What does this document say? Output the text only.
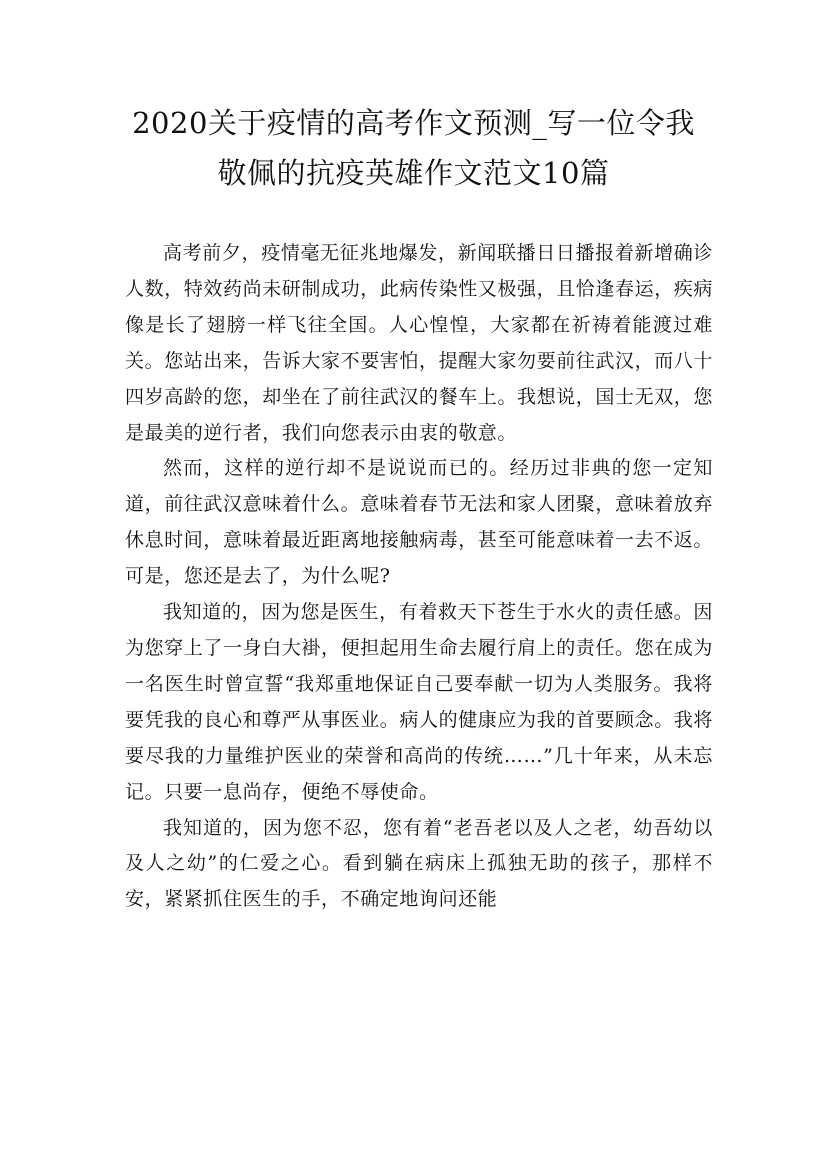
2020关于疫情的高考作文预测_写一位令我
敬佩的抗疫英雄作文范文10篇

高考前夕，疫情毫无征兆地爆发，新闻联播日日播报着新增确诊人数，特效药尚未研制成功，此病传染性又极强，且恰逢春运，疾病像是长了翅膀一样飞往全国。人心惶惶，大家都在祈祷着能渡过难关。您站出来，告诉大家不要害怕，提醒大家勿要前往武汉，而八十四岁高龄的您，却坐在了前往武汉的餐车上。我想说，国士无双，您是最美的逆行者，我们向您表示由衷的敬意。

然而，这样的逆行却不是说说而已的。经历过非典的您一定知道，前往武汉意味着什么。意味着春节无法和家人团聚，意味着放弃休息时间，意味着最近距离地接触病毒，甚至可能意味着一去不返。可是，您还是去了，为什么呢?

我知道的，因为您是医生，有着救天下苍生于水火的责任感。因为您穿上了一身白大褂，便担起用生命去履行肩上的责任。您在成为一名医生时曾宣誓“我郑重地保证自己要奉献一切为人类服务。我将要凭我的良心和尊严从事医业。病人的健康应为我的首要顾念。我将要尽我的力量维护医业的荣誉和高尚的传统……”几十年来，从未忘记。只要一息尚存，便绝不辱使命。

我知道的，因为您不忍，您有着“老吾老以及人之老，幼吾幼以及人之幼”的仁爱之心。看到躺在病床上孤独无助的孩子，那样不安，紧紧抓住医生的手，不确定地询问还能
